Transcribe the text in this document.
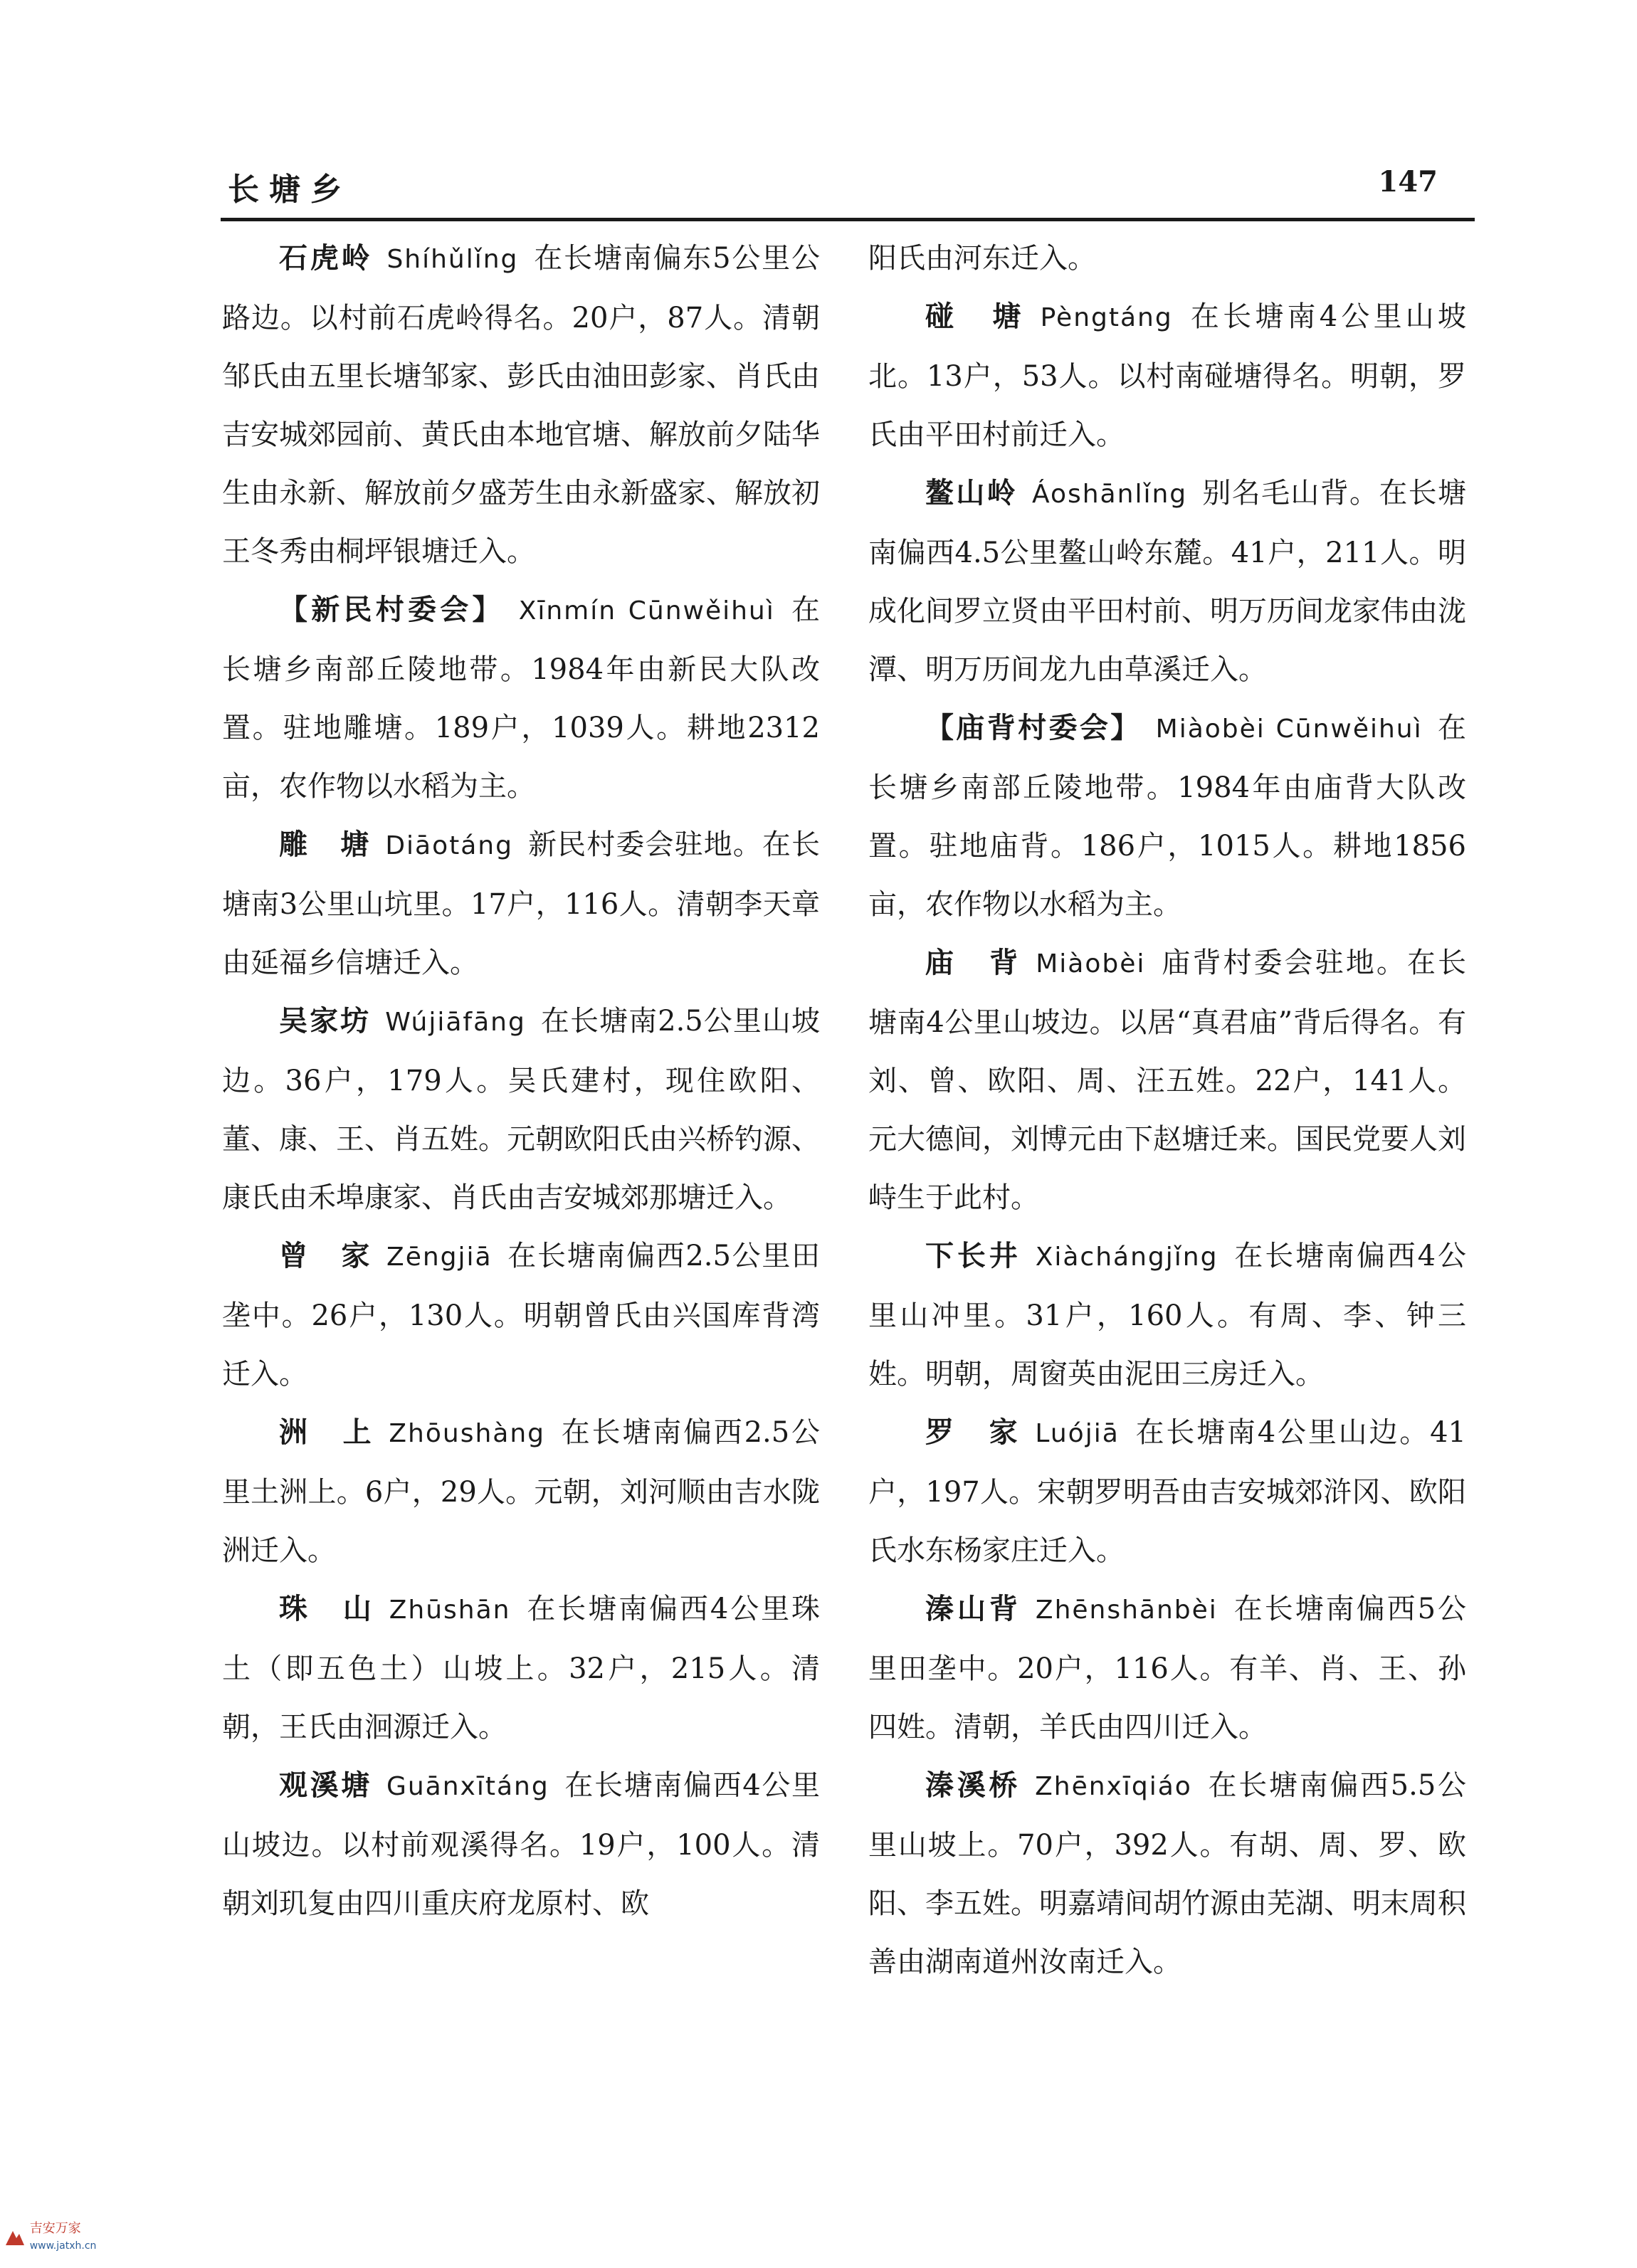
长塘乡	147

石虎岭 Shíhǔlǐng 在长塘南偏东5公里公路边。以村前石虎岭得名。20户，87人。清朝邹氏由五里长塘邹家、彭氏由油田彭家、肖氏由吉安城郊园前、黄氏由本地官塘、解放前夕陆华生由永新、解放前夕盛芳生由永新盛家、解放初王冬秀由桐坪银塘迁入。

【新民村委会】 Xīnmín Cūnwěihuì 在长塘乡南部丘陵地带。1984年由新民大队改置。驻地雕塘。189户，1039人。耕地2312亩，农作物以水稻为主。

雕　塘 Diāotáng 新民村委会驻地。在长塘南3公里山坑里。17户，116人。清朝李天章由延福乡信塘迁入。

吴家坊 Wújiāfāng 在长塘南2.5公里山坡边。36户，179人。吴氏建村，现住欧阳、董、康、王、肖五姓。元朝欧阳氏由兴桥钓源、康氏由禾埠康家、肖氏由吉安城郊那塘迁入。

曾　家 Zēngjiā 在长塘南偏西2.5公里田垄中。26户，130人。明朝曾氏由兴国库背湾迁入。

洲　上 Zhōushàng 在长塘南偏西2.5公里土洲上。6户，29人。元朝，刘河顺由吉水陇洲迁入。

珠　山 Zhūshān 在长塘南偏西4公里珠土（即五色土）山坡上。32户，215人。清朝，王氏由洄源迁入。

观溪塘 Guānxītáng 在长塘南偏西4公里山坡边。以村前观溪得名。19户，100人。清朝刘玑复由四川重庆府龙原村、欧

阳氏由河东迁入。

碰　塘 Pèngtáng 在长塘南4公里山坡北。13户，53人。以村南碰塘得名。明朝，罗氏由平田村前迁入。

鳌山岭 Áoshānlǐng 别名毛山背。在长塘南偏西4.5公里鳌山岭东麓。41户，211人。明成化间罗立贤由平田村前、明万历间龙家伟由泷潭、明万历间龙九由草溪迁入。

【庙背村委会】 Miàobèi Cūnwěihuì 在长塘乡南部丘陵地带。1984年由庙背大队改置。驻地庙背。186户，1015人。耕地1856亩，农作物以水稻为主。

庙　背 Miàobèi 庙背村委会驻地。在长塘南4公里山坡边。以居“真君庙”背后得名。有刘、曾、欧阳、周、汪五姓。22户，141人。元大德间，刘博元由下赵塘迁来。国民党要人刘峙生于此村。

下长井 Xiàchángjǐng 在长塘南偏西4公里山冲里。31户，160人。有周、李、钟三姓。明朝，周窗英由泥田三房迁入。

罗　家 Luójiā 在长塘南4公里山边。41户，197人。宋朝罗明吾由吉安城郊浒冈、欧阳氏水东杨家庄迁入。

溱山背 Zhēnshānbèi 在长塘南偏西5公里田垄中。20户，116人。有羊、肖、王、孙四姓。清朝，羊氏由四川迁入。

溱溪桥 Zhēnxīqiáo 在长塘南偏西5.5公里山坡上。70户，392人。有胡、周、罗、欧阳、李五姓。明嘉靖间胡竹源由芜湖、明末周积善由湖南道州汝南迁入。

吉安万家
www.jatxh.cn
